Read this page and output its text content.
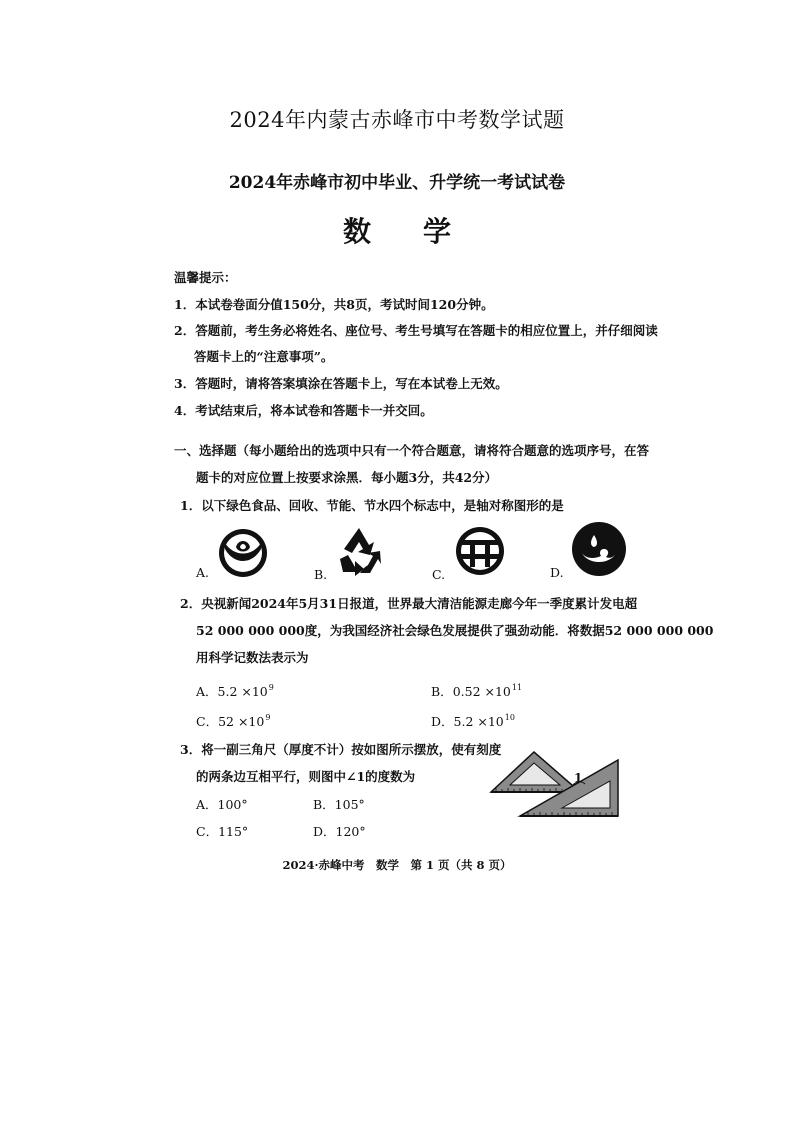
2024年内蒙古赤峰市中考数学试题
2024年赤峰市初中毕业、升学统一考试试卷
数学
温馨提示：
1．本试卷卷面分值150分，共8页，考试时间120分钟。
2．答题前，考生务必将姓名、座位号、考生号填写在答题卡的相应位置上，并仔细阅读
答题卡上的“注意事项”。
3．答题时，请将答案填涂在答题卡上，写在本试卷上无效。
4．考试结束后，将本试卷和答题卡一并交回。
一、选择题（每小题给出的选项中只有一个符合题意，请将符合题意的选项序号，在答
题卡的对应位置上按要求涂黑．每小题3分，共42分）
1．以下绿色食品、回收、节能、节水四个标志中，是轴对称图形的是
A.	B.	C.	D.
2．央视新闻2024年5月31日报道，世界最大清洁能源走廊今年一季度累计发电超
52 000 000 000度，为我国经济社会绿色发展提供了强劲动能．将数据52 000 000 000
用科学记数法表示为
A．$5.2 \times 10^9$	B．$0.52 \times 10^{11}$
C．$52 \times 10^9$	D．$5.2 \times 10^{10}$
3．将一副三角尺（厚度不计）按如图所示摆放，使有刻度
的两条边互相平行，则图中∠1的度数为
A．100°	B．105°
C．115°	D．120°
1
2024·赤峰中考　数学　第 1 页（共 8 页）
